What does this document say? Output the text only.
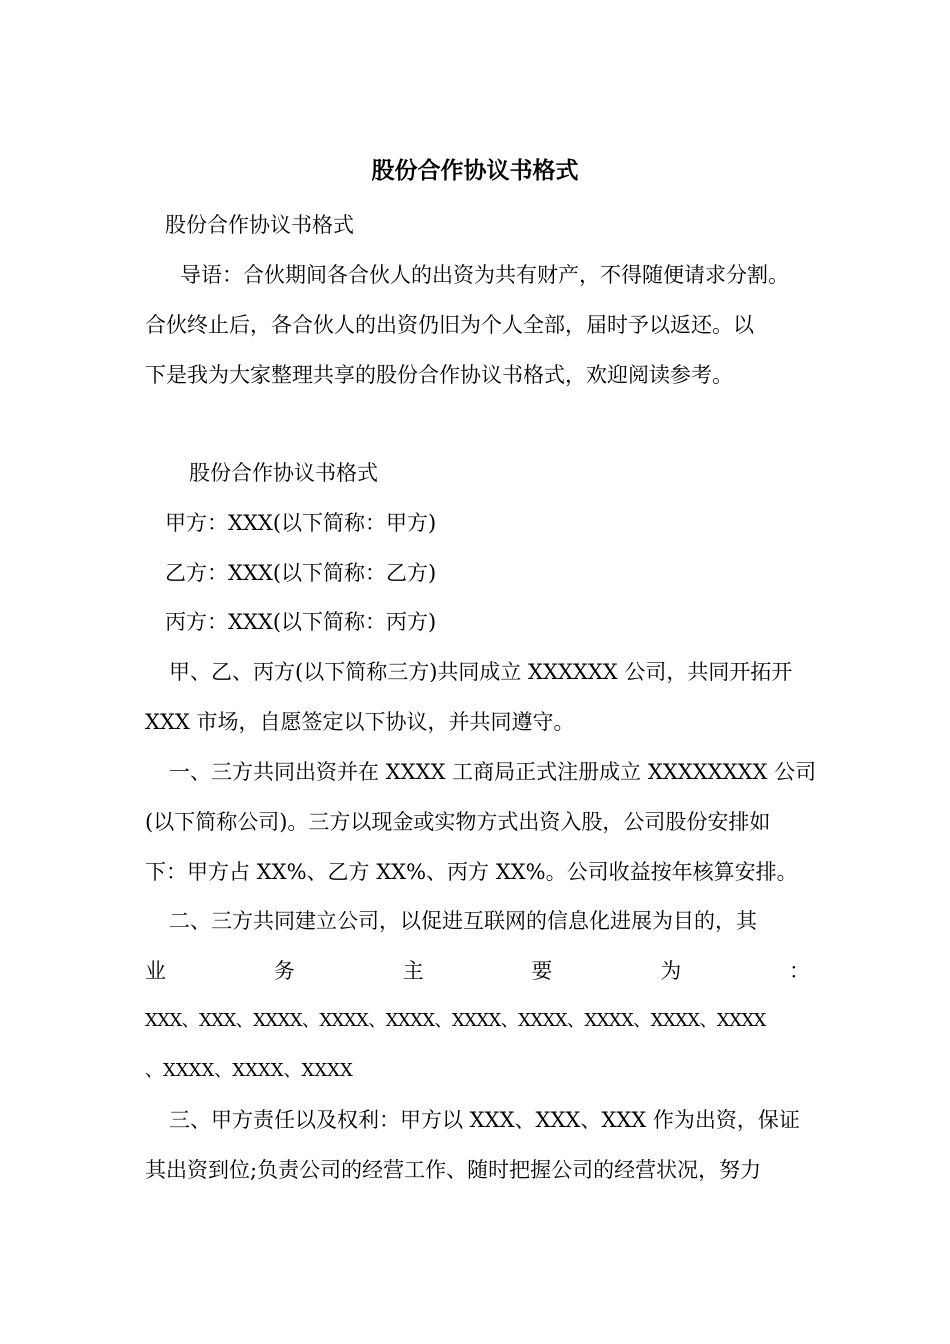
股份合作协议书格式
股份合作协议书格式
导语：合伙期间各合伙人的出资为共有财产，不得随便请求分割。
合伙终止后，各合伙人的出资仍旧为个人全部，届时予以返还。以
下是我为大家整理共享的股份合作协议书格式，欢迎阅读参考。
股份合作协议书格式
甲方：XXX(以下简称：甲方)
乙方：XXX(以下简称：乙方)
丙方：XXX(以下简称：丙方)
甲、乙、丙方(以下简称三方)共同成立 XXXXXX 公司，共同开拓开
XXX 市场，自愿签定以下协议，并共同遵守。
一、三方共同出资并在 XXXX 工商局正式注册成立 XXXXXXXX 公司
(以下简称公司)。三方以现金或实物方式出资入股，公司股份安排如
下：甲方占 XX%、乙方 XX%、丙方 XX%。公司收益按年核算安排。
二、三方共同建立公司，以促进互联网的信息化进展为目的，其
业	务	主	要	为	：
XXX、XXX、XXXX、XXXX、XXXX、XXXX、XXXX、XXXX、XXXX、XXXX
、XXXX、XXXX、XXXX
三、甲方责任以及权利：甲方以 XXX、XXX、XXX 作为出资，保证
其出资到位;负责公司的经营工作、随时把握公司的经营状况，努力
